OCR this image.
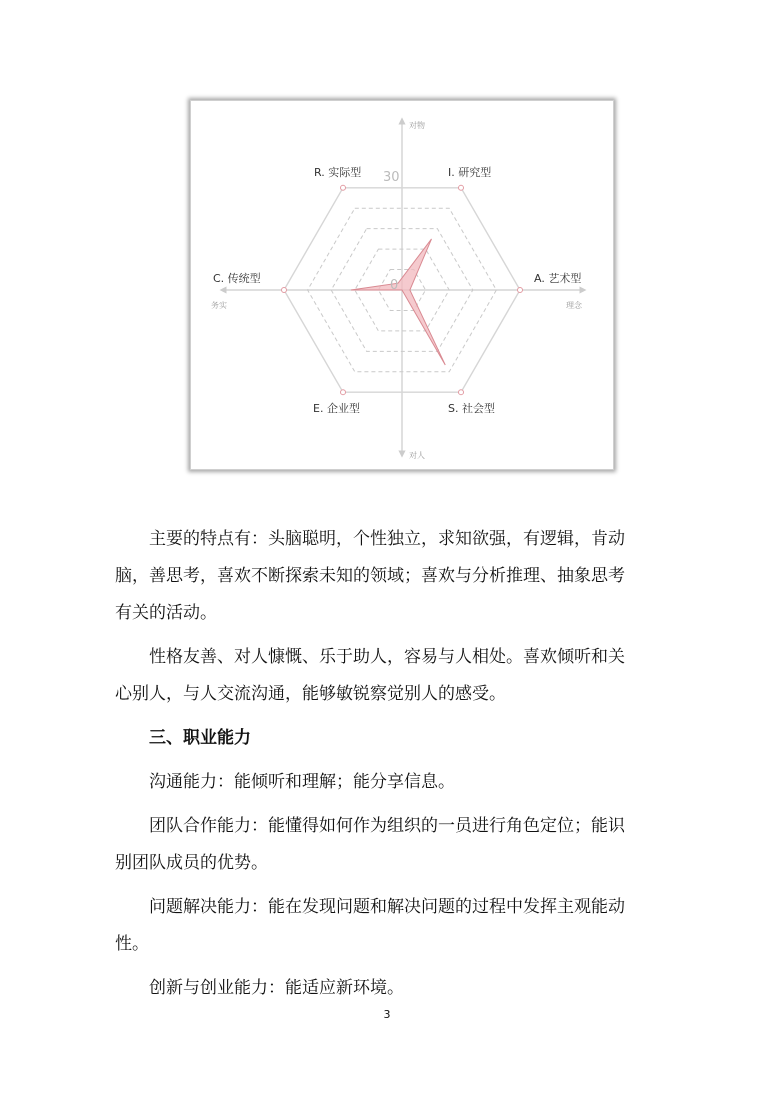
对物
对人
务实	理念
R. 实际型	I. 研究型
A. 艺术型
S. 社会型
E. 企业型
C. 传统型
30
0

主要的特点有：头脑聪明，个性独立，求知欲强，有逻辑，肯动
脑，善思考，喜欢不断探索未知的领域；喜欢与分析推理、抽象思考
有关的活动。

性格友善、对人慷慨、乐于助人，容易与人相处。喜欢倾听和关
心别人，与人交流沟通，能够敏锐察觉别人的感受。

三、职业能力

沟通能力：能倾听和理解；能分享信息。

团队合作能力：能懂得如何作为组织的一员进行角色定位；能识
别团队成员的优势。

问题解决能力：能在发现问题和解决问题的过程中发挥主观能动
性。

创新与创业能力：能适应新环境。

3
